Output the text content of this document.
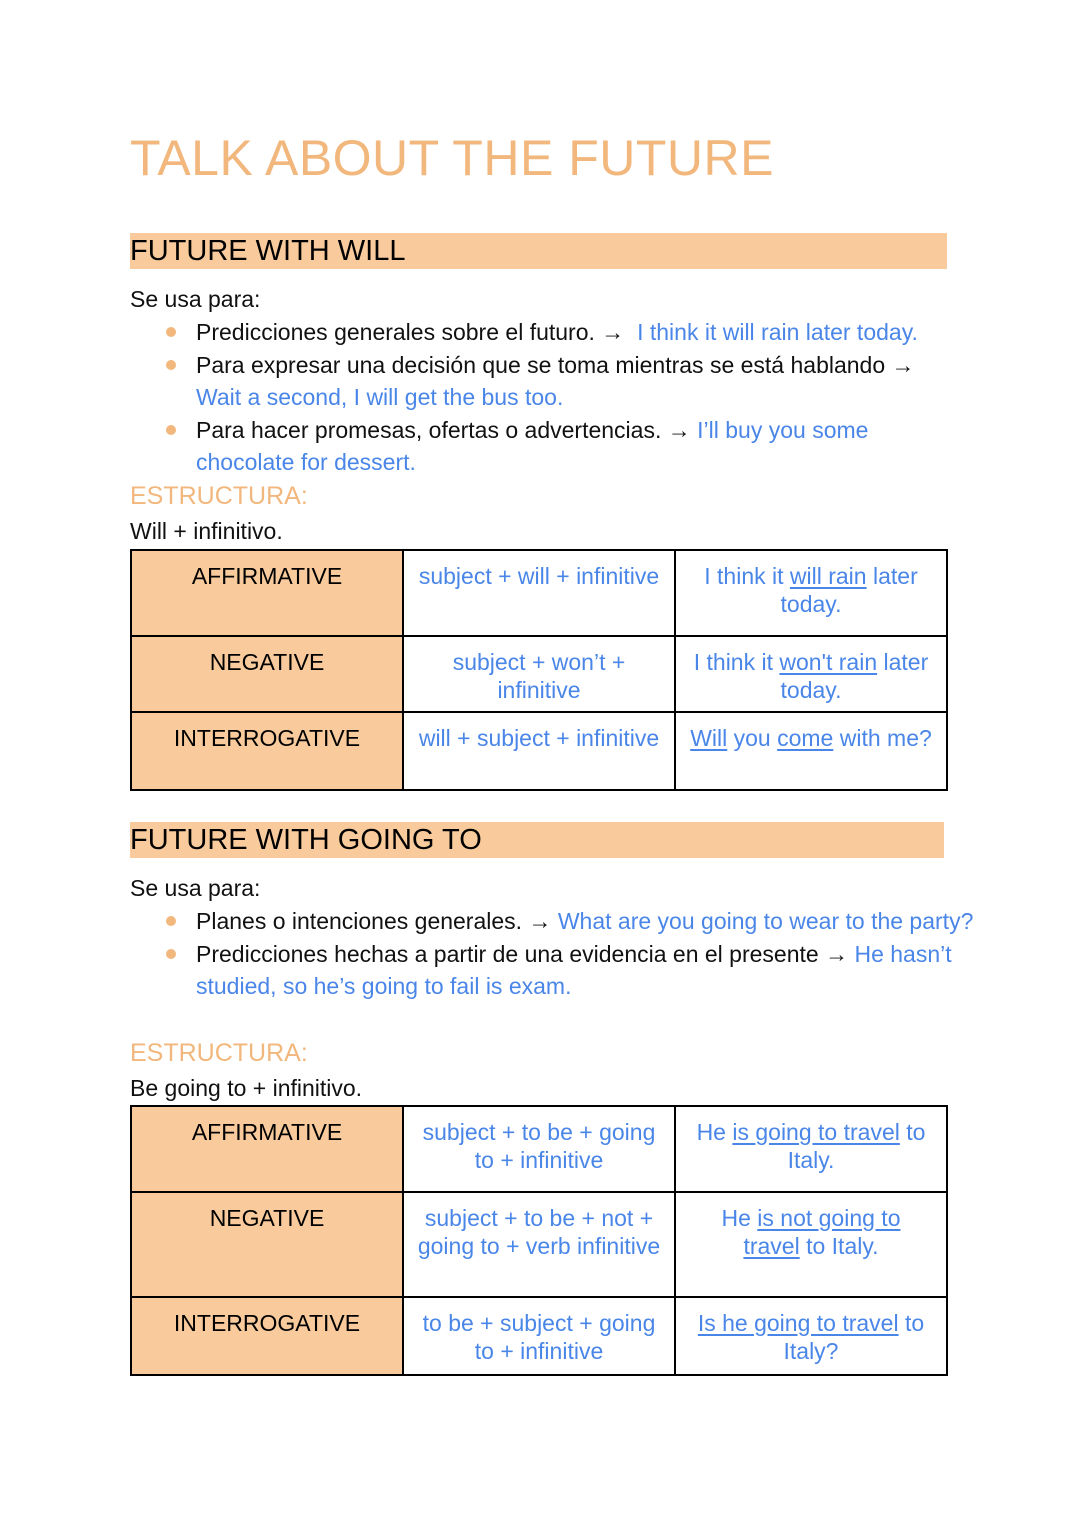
TALK ABOUT THE FUTURE
FUTURE WITH WILL

Se usa para:

Predicciones generales sobre el futuro. → I think it will rain later today.
Para expresar una decisión que se toma mientras se está hablando → Wait a second, I will get the bus too.
Para hacer promesas, ofertas o advertencias. → I’ll buy you some chocolate for dessert.

ESTRUCTURA:

Will + infinitivo.

AFFIRMATIVE	subject + will + infinitive	I think it will rain later today.
NEGATIVE	subject + won’t + infinitive	I think it won't rain later today.
INTERROGATIVE	will + subject + infinitive	Will you come with me?
FUTURE WITH GOING TO

Se usa para:

Planes o intenciones generales. → What are you going to wear to the party?
Predicciones hechas a partir de una evidencia en el presente → He hasn’t studied, so he’s going to fail is exam.

ESTRUCTURA:

Be going to + infinitivo.

AFFIRMATIVE	subject + to be + going to + infinitive	He is going to travel to Italy.
NEGATIVE	subject + to be + not + going to + verb infinitive	He is not going to travel to Italy.
INTERROGATIVE	to be + subject + going to + infinitive	Is he going to travel to Italy?
